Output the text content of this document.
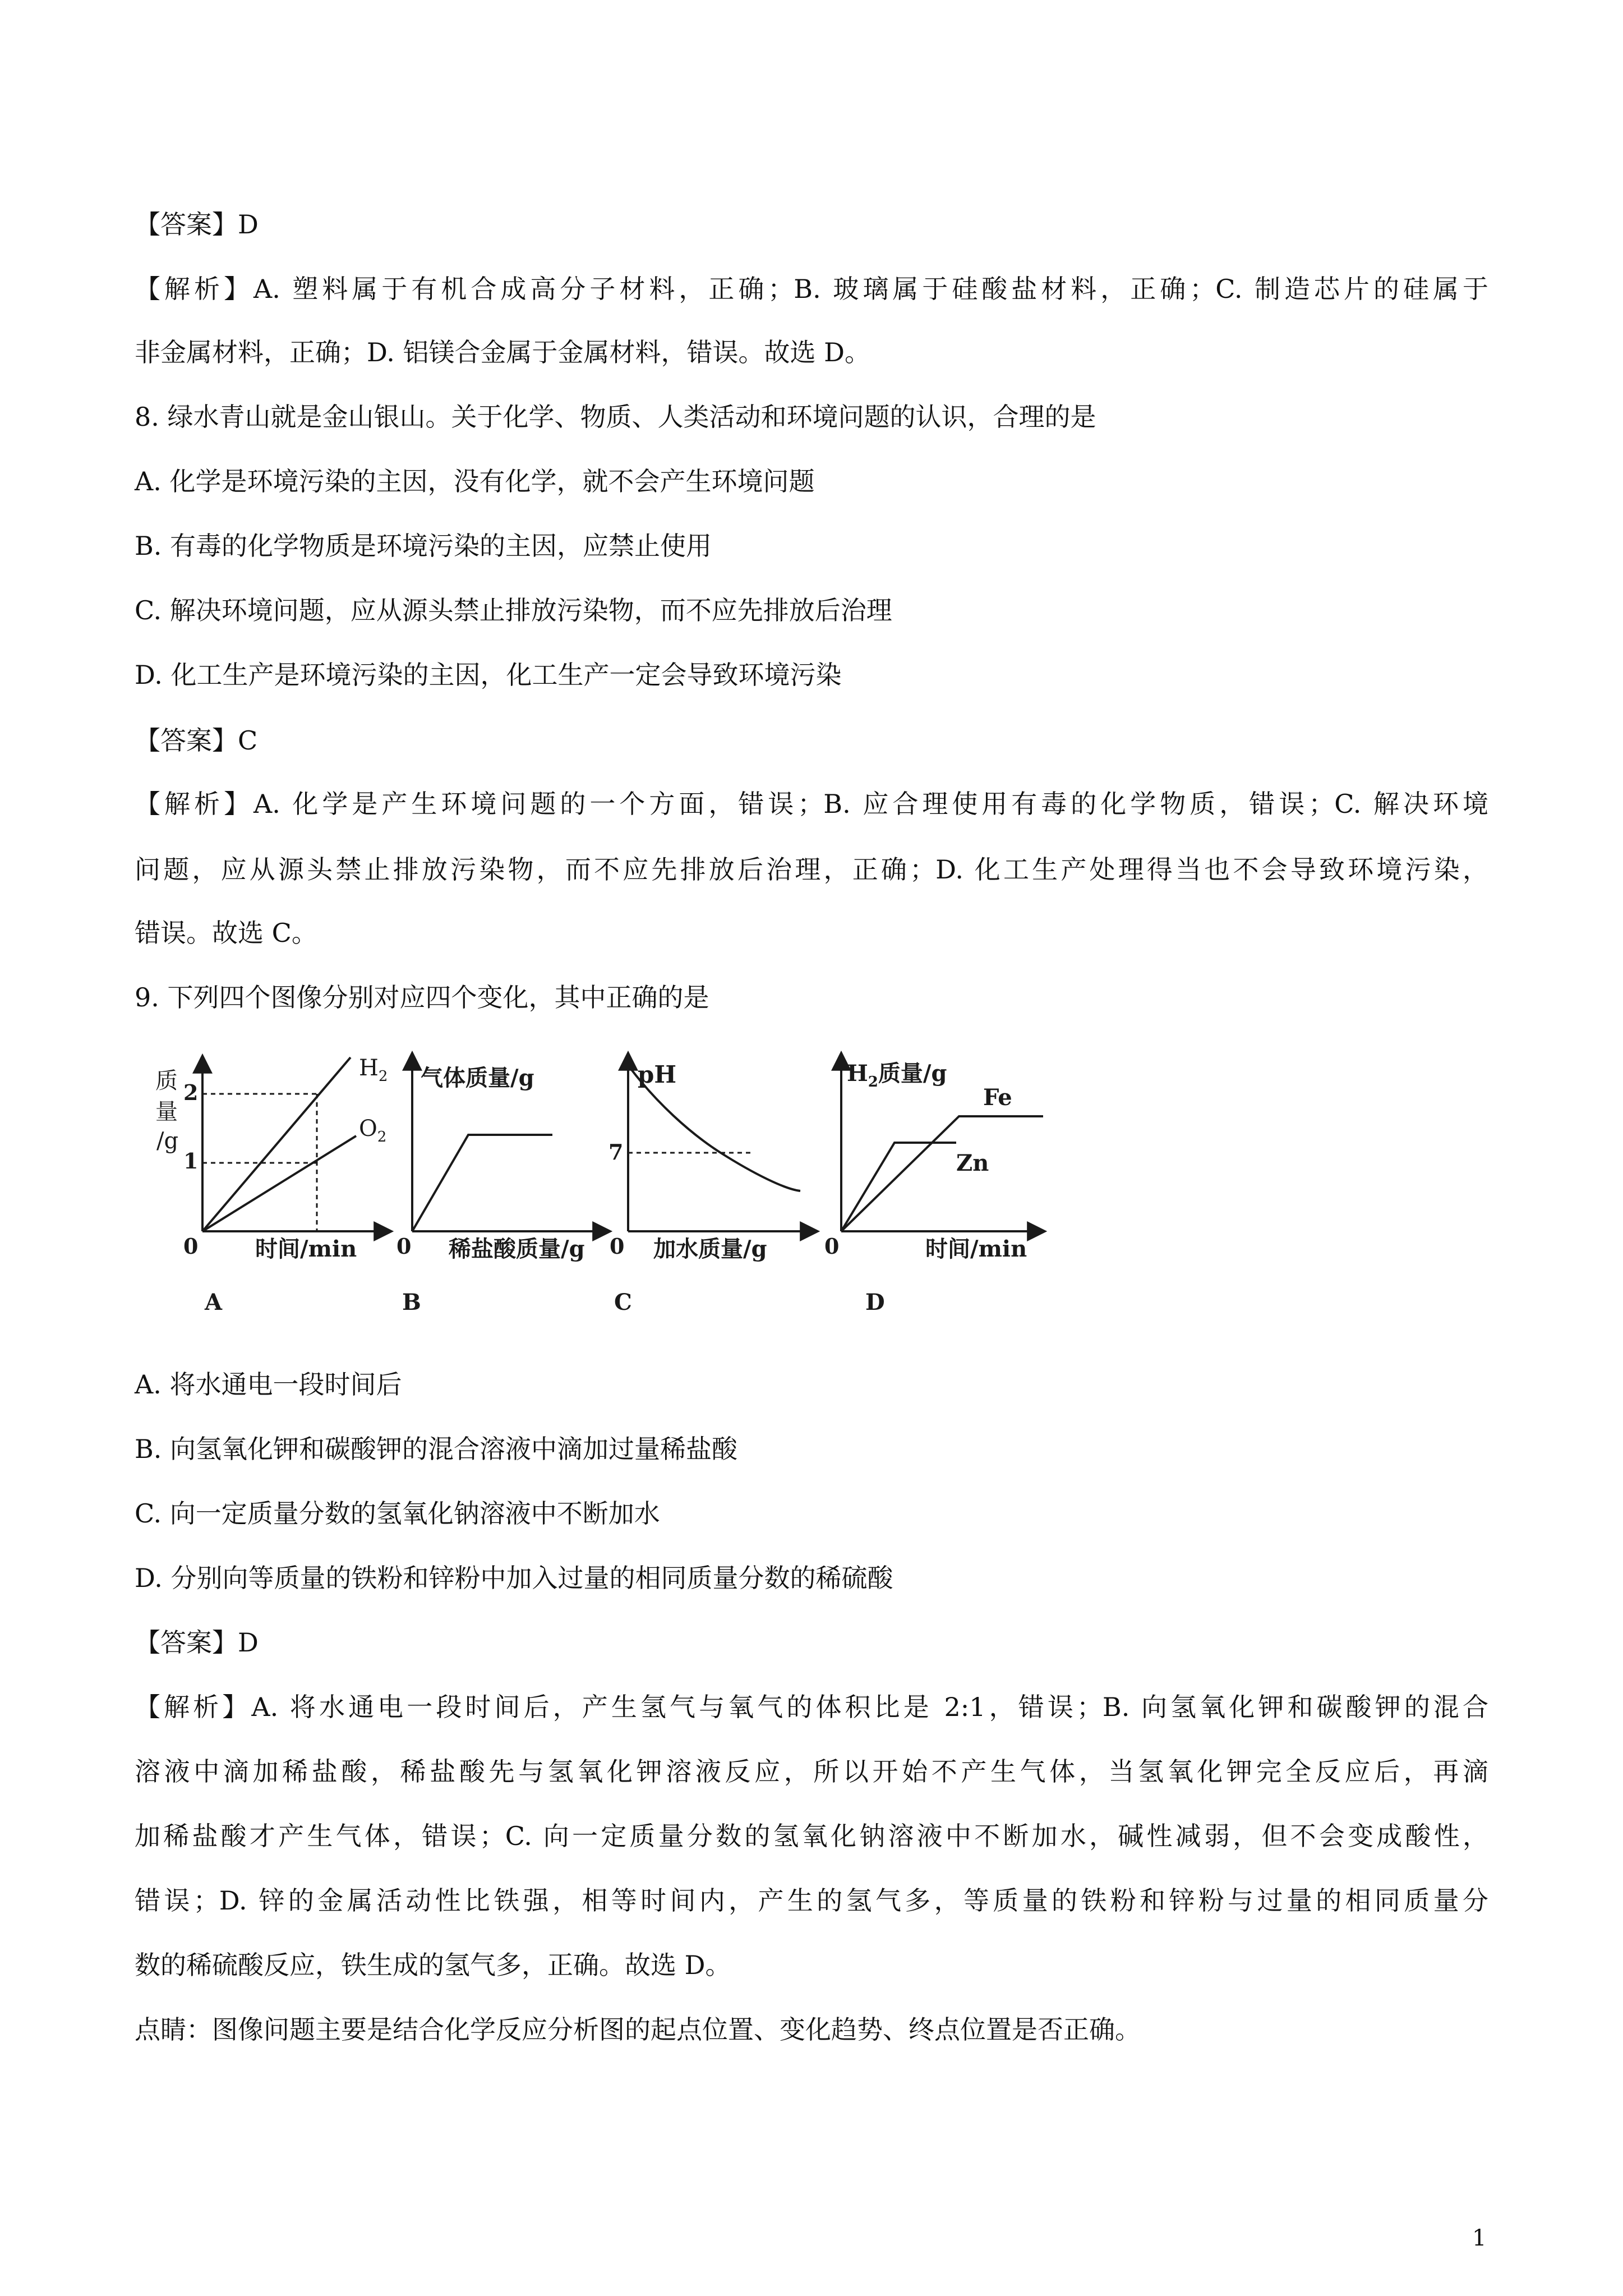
【答案】D
【解析】A. 塑料属于有机合成高分子材料，正确；B. 玻璃属于硅酸盐材料，正确；C. 制造芯片的硅属于
非金属材料，正确；D. 铝镁合金属于金属材料，错误。故选 D。
8. 绿水青山就是金山银山。关于化学、物质、人类活动和环境问题的认识，合理的是
A. 化学是环境污染的主因，没有化学，就不会产生环境问题
B. 有毒的化学物质是环境污染的主因，应禁止使用
C. 解决环境问题，应从源头禁止排放污染物，而不应先排放后治理
D. 化工生产是环境污染的主因，化工生产一定会导致环境污染
【答案】C
【解析】A. 化学是产生环境问题的一个方面，错误；B. 应合理使用有毒的化学物质，错误；C. 解决环境
问题，应从源头禁止排放污染物，而不应先排放后治理，正确；D. 化工生产处理得当也不会导致环境污染，
错误。故选 C。
9. 下列四个图像分别对应四个变化，其中正确的是
质
量
/g
2
1
$H_2$
$O_2$
0	时间/min
A
气体质量/g
0 稀盐酸质量/g
B
pH
7
0 加水质量/g
C
$H_2$质量/g
Fe
Zn
0	时间/min
D
A. 将水通电一段时间后
B. 向氢氧化钾和碳酸钾的混合溶液中滴加过量稀盐酸
C. 向一定质量分数的氢氧化钠溶液中不断加水
D. 分别向等质量的铁粉和锌粉中加入过量的相同质量分数的稀硫酸
【答案】D
【解析】A. 将水通电一段时间后，产生氢气与氧气的体积比是 2:1，错误；B. 向氢氧化钾和碳酸钾的混合
溶液中滴加稀盐酸，稀盐酸先与氢氧化钾溶液反应，所以开始不产生气体，当氢氧化钾完全反应后，再滴
加稀盐酸才产生气体，错误；C. 向一定质量分数的氢氧化钠溶液中不断加水，碱性减弱，但不会变成酸性，
错误；D. 锌的金属活动性比铁强，相等时间内，产生的氢气多，等质量的铁粉和锌粉与过量的相同质量分
数的稀硫酸反应，铁生成的氢气多，正确。故选 D。
点睛：图像问题主要是结合化学反应分析图的起点位置、变化趋势、终点位置是否正确。
1
